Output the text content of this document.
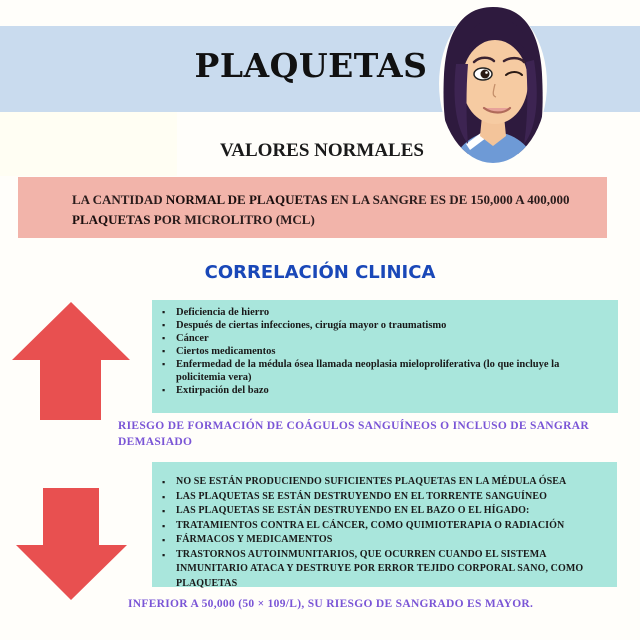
PLAQUETAS
VALORES NORMALES
LA CANTIDAD NORMAL DE PLAQUETAS EN LA SANGRE ES DE 150,000 A 400,000 PLAQUETAS POR MICROLITRO (MCL)
CORRELACIÓN CLINICA
▪ Deficiencia de hierro
▪ Después de ciertas infecciones, cirugía mayor o traumatismo
▪ Cáncer
▪ Ciertos medicamentos
▪ Enfermedad de la médula ósea llamada neoplasia mieloproliferativa (lo que incluye la policitemia vera)
▪ Extirpación del bazo
RIESGO DE FORMACIÓN DE COÁGULOS SANGUÍNEOS O INCLUSO DE SANGRAR DEMASIADO
▪ NO SE ESTÁN PRODUCIENDO SUFICIENTES PLAQUETAS EN LA MÉDULA ÓSEA
▪ LAS PLAQUETAS SE ESTÁN DESTRUYENDO EN EL TORRENTE SANGUÍNEO
▪ LAS PLAQUETAS SE ESTÁN DESTRUYENDO EN EL BAZO O EL HÍGADO:
▪ TRATAMIENTOS CONTRA EL CÁNCER, COMO QUIMIOTERAPIA O RADIACIÓN
▪ FÁRMACOS Y MEDICAMENTOS
▪ TRASTORNOS AUTOINMUNITARIOS, QUE OCURREN CUANDO EL SISTEMA INMUNITARIO ATACA Y DESTRUYE POR ERROR TEJIDO CORPORAL SANO, COMO PLAQUETAS
INFERIOR A 50,000 (50 × 109/L), SU RIESGO DE SANGRADO ES MAYOR.
